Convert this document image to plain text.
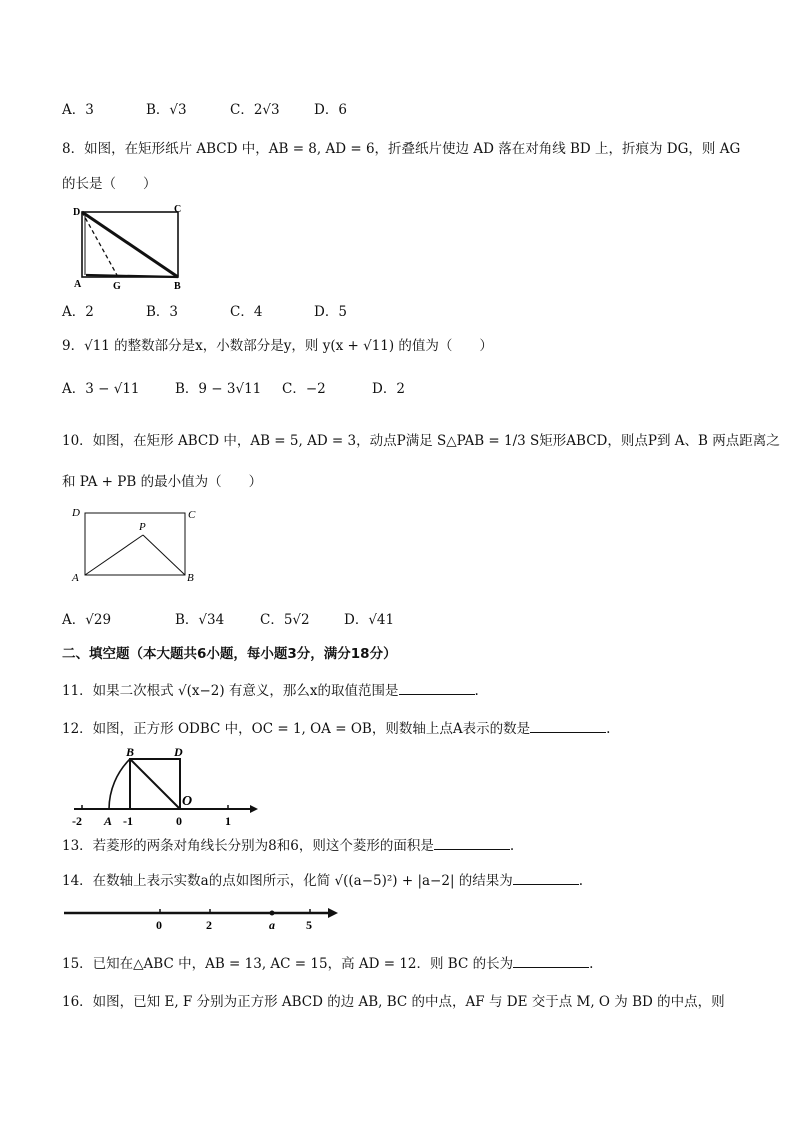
A．3	B．√3	C．2√3	D．6
8．如图，在矩形纸片 ABCD 中，AB = 8, AD = 6，折叠纸片使边 AD 落在对角线 BD 上，折痕为 DG，则 AG
的长是（　　）
D	C
A	G	B
A．2	B．3	C．4	D．5
9．√11 的整数部分是x，小数部分是y，则 y(x + √11) 的值为（　　）
A．3 − √11	B．9 − 3√11 C．−2	D．2
10．如图，在矩形 ABCD 中，AB = 5, AD = 3，动点P满足 S△PAB = 1/3 S矩形ABCD，则点P到 A、B 两点距离之
和 PA + PB 的最小值为（　　）
D	C
P
A	B
A．√29	B．√34	C．5√2	D．√41
二、填空题（本大题共6小题，每小题3分，满分18分）
11．如果二次根式 √(x−2) 有意义，那么x的取值范围是	.
12．如图，正方形 ODBC 中，OC = 1, OA = OB，则数轴上点A表示的数是	.
B	D
O
-2 A -1	0	1
13．若菱形的两条对角线长分别为8和6，则这个菱形的面积是	.
14．在数轴上表示实数a的点如图所示，化简 √((a−5)²) + |a−2| 的结果为	.
0	2	a	5
15．已知在△ABC 中，AB = 13, AC = 15，高 AD = 12．则 BC 的长为	.
16．如图，已知 E, F 分别为正方形 ABCD 的边 AB, BC 的中点，AF 与 DE 交于点 M, O 为 BD 的中点，则
